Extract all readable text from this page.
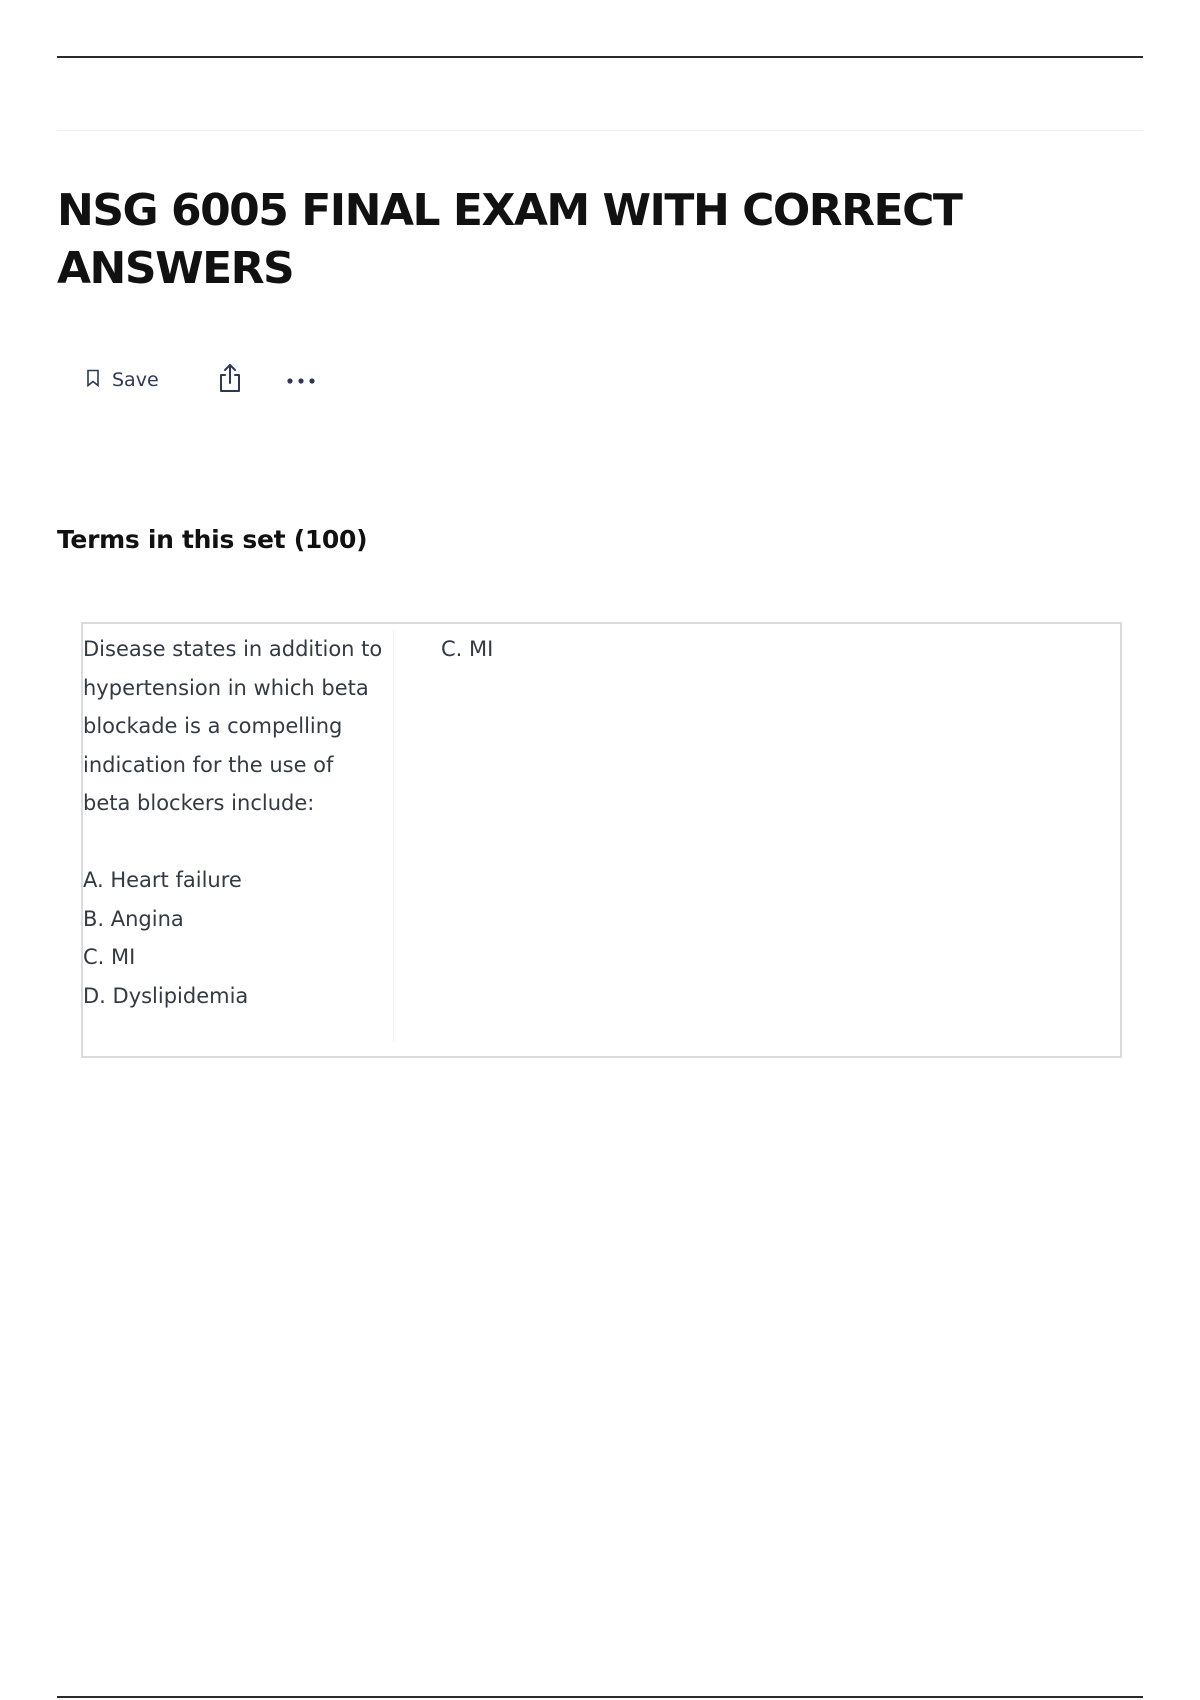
NSG 6005 FINAL EXAM WITH CORRECT ANSWERS
Save
Terms in this set (100)

Disease states in addition to hypertension in which beta blockade is a compelling indication for the use of beta blockers include:

A. Heart failure

B. Angina

C. MI

D. Dyslipidemia

C. MI
